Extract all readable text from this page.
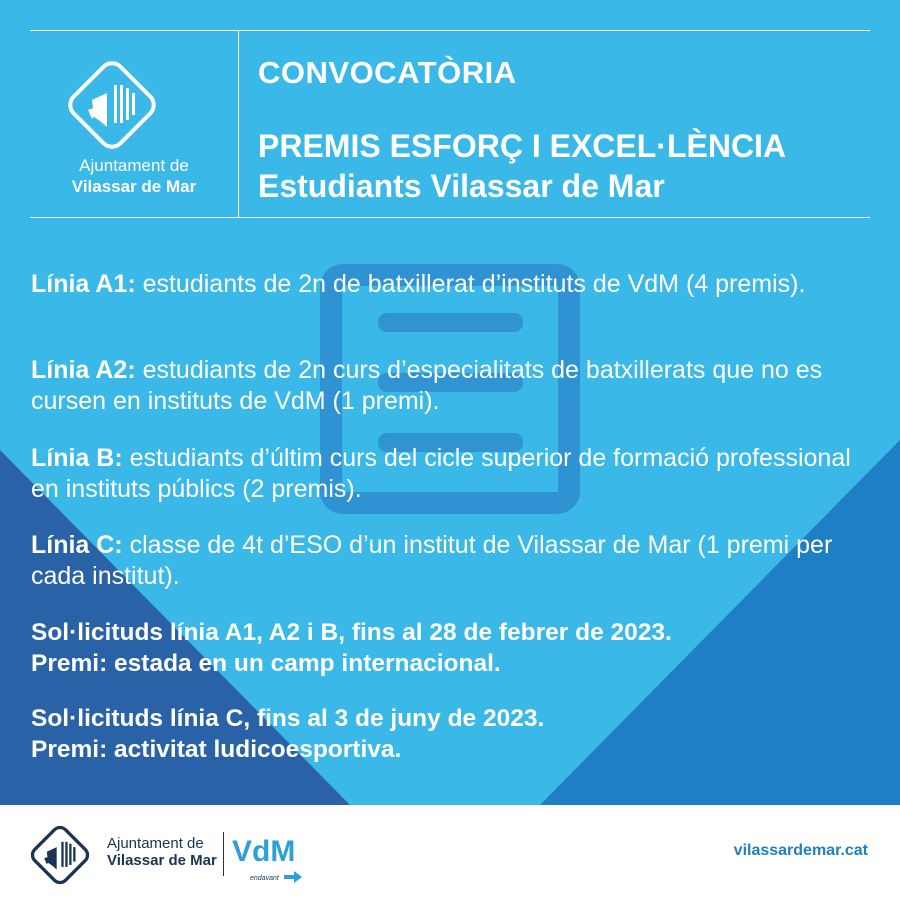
Ajuntament de
Vilassar de Mar
CONVOCATÒRIA
PREMIS ESFORÇ I EXCEL·LÈNCIA
Estudiants Vilassar de Mar
Línia A1: estudiants de 2n de batxillerat d’instituts de VdM (4 premis).
Línia A2: estudiants de 2n curs d’especialitats de batxillerats que no es cursen en instituts de VdM (1 premi).
Línia B: estudiants d’últim curs del cicle superior de formació professional en instituts públics (2 premis).
Línia C: classe de 4t d’ESO d’un institut de Vilassar de Mar (1 premi per cada institut).
Sol·licituds línia A1, A2 i B, fins al 28 de febrer de 2023.
Premi: estada en un camp internacional.
Sol·licituds línia C, fins al 3 de juny de 2023.
Premi: activitat ludicoesportiva.
Ajuntament de
Vilassar de Mar VdM
endavant
vilassardemar.cat
